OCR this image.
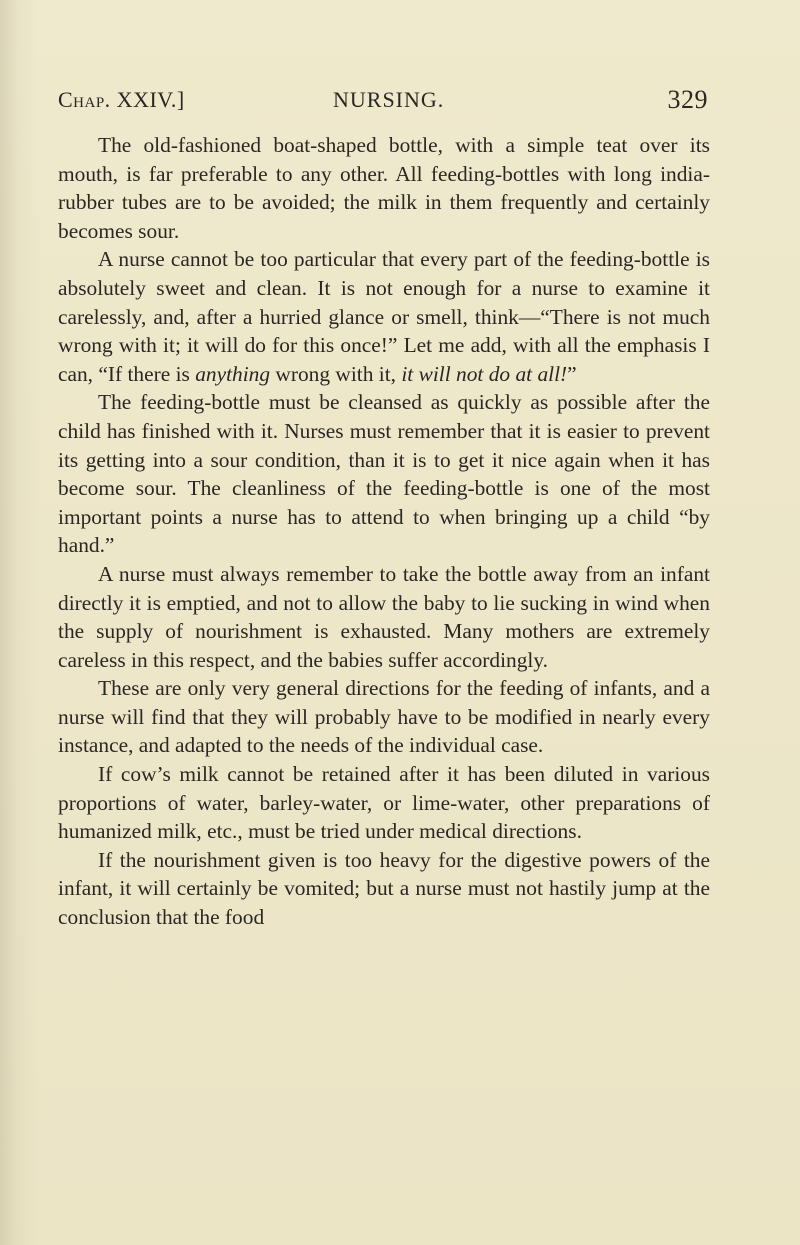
Chap. XXIV.]	NURSING.	329

The old-fashioned boat-shaped bottle, with a simple teat over its mouth, is far preferable to any other. All feeding-bottles with long india-rubber tubes are to be avoided; the milk in them frequently and certainly becomes sour.

A nurse cannot be too particular that every part of the feeding-bottle is absolutely sweet and clean. It is not enough for a nurse to examine it carelessly, and, after a hurried glance or smell, think—“There is not much wrong with it; it will do for this once!” Let me add, with all the emphasis I can, “If there is anything wrong with it, it will not do at all!”

The feeding-bottle must be cleansed as quickly as possible after the child has finished with it. Nurses must remember that it is easier to prevent its getting into a sour condition, than it is to get it nice again when it has become sour. The cleanliness of the feeding-bottle is one of the most important points a nurse has to attend to when bringing up a child “by hand.”

A nurse must always remember to take the bottle away from an infant directly it is emptied, and not to allow the baby to lie sucking in wind when the supply of nourishment is exhausted. Many mothers are extremely careless in this respect, and the babies suffer accordingly.

These are only very general directions for the feeding of infants, and a nurse will find that they will probably have to be modified in nearly every instance, and adapted to the needs of the individual case.

If cow’s milk cannot be retained after it has been diluted in various proportions of water, barley-water, or lime-water, other preparations of humanized milk, etc., must be tried under medical directions.

If the nourishment given is too heavy for the digestive powers of the infant, it will certainly be vomited; but a nurse must not hastily jump at the conclusion that the food
